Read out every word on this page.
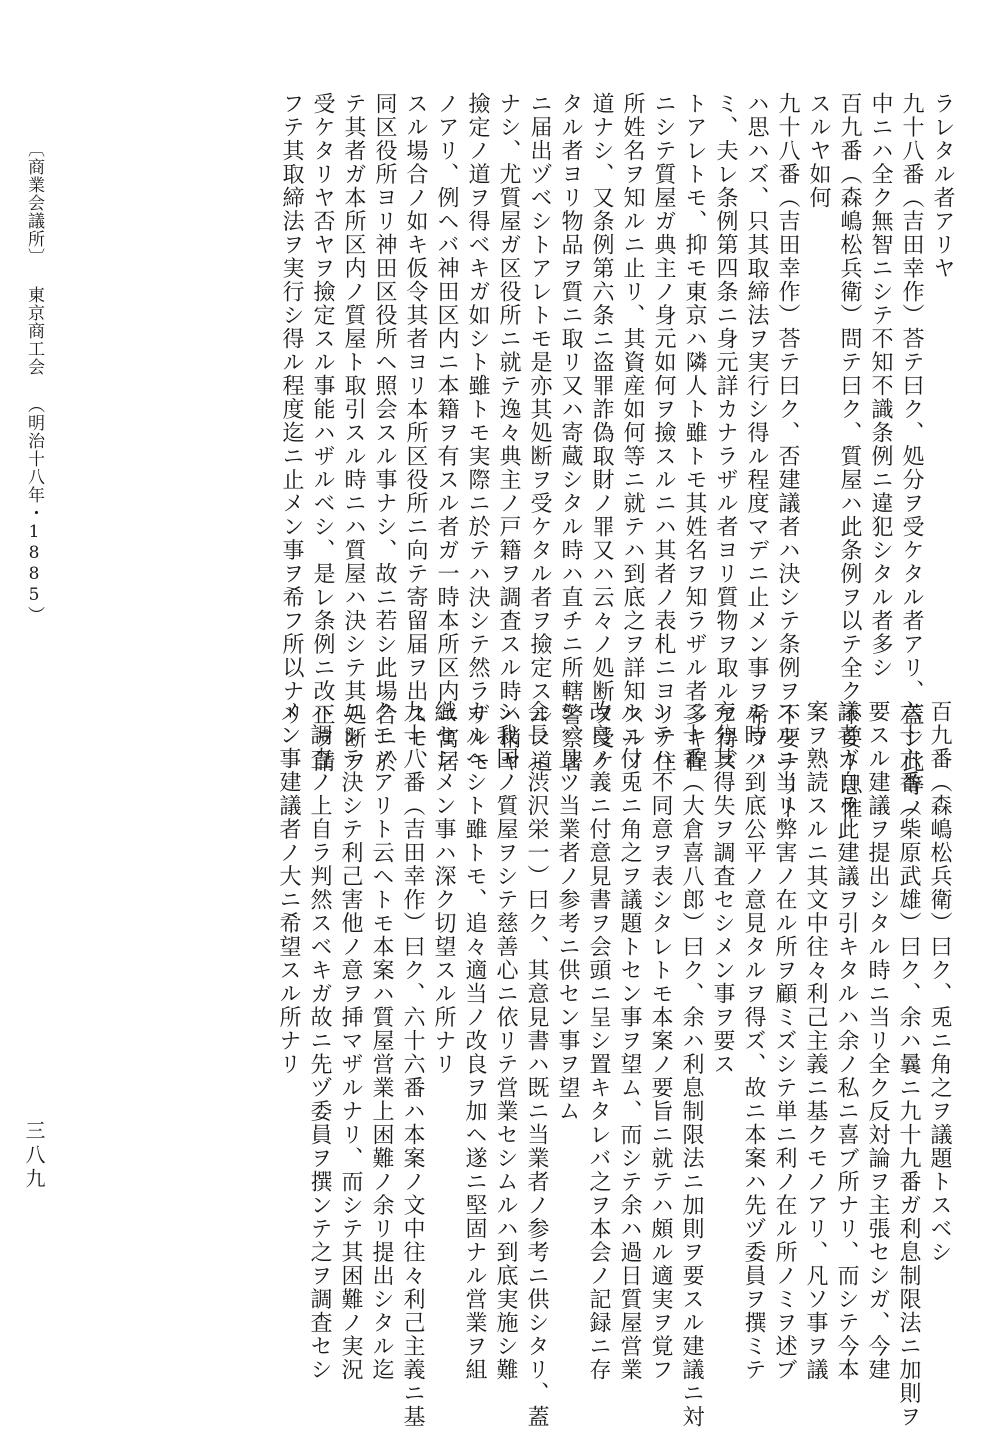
ラレタル者アリヤ
九十八番（吉田幸作）荅テ曰ク、処分ヲ受ケタル者アリ、蓋シ此等ノ
中ニハ全ク無智ニシテ不知不識条例ニ違犯シタル者多シ
百九番（森嶋松兵衛）問テ曰ク、質屋ハ此条例ヲ以テ全ク不要ト思惟
スルヤ如何
九十八番（吉田幸作）荅テ曰ク、否建議者ハ決シテ条例ヲ不要ナリト
ハ思ハズ、只其取締法ヲ実行シ得ル程度マデニ止メン事ヲ希フノ
ミ、夫レ条例第四条ニ身元詳カナラザル者ヨリ質物ヲ取ルヲ得ズ
トアレトモ、抑モ東京ハ隣人ト雖トモ其姓名ヲ知ラザル者多キ程
ニシテ質屋ガ典主ノ身元如何ヲ撿スルニハ其者ノ表札ニヨリテ住
所姓名ヲ知ルニ止リ、其資産如何等ニ就テハ到底之ヲ詳知スルノ
道ナシ、又条例第六条ニ盗罪詐偽取財ノ罪又ハ云々ノ処断ヲ受ケ
タル者ヨリ物品ヲ質ニ取リ又ハ寄蔵シタル時ハ直チニ所轄警察署
ニ届出ヅベシトアレトモ是亦其処断ヲ受ケタル者ヲ撿定スルノ道
ナシ、尤質屋ガ区役所ニ就テ逸々典主ノ戸籍ヲ調査スル時ハ稍ヤ
撿定ノ道ヲ得ベキガ如シト雖トモ実際ニ於テハ決シテ然ラザルモ
ノアリ、例ヘバ神田区内ニ本籍ヲ有スル者ガ一時本所区内ニ寓居
スル場合ノ如キ仮令其者ヨリ本所区役所ニ向テ寄留届ヲ出スモ、
同区役所ヨリ神田区役所ヘ照会スル事ナシ、故ニ若シ此場合ニ於
テ其者ガ本所区内ノ質屋ト取引スル時ニハ質屋ハ決シテ其処断ヲ
受ケタリヤ否ヤヲ撿定スル事能ハザルベシ、是レ条例ニ改正ヲ請
フテ其取締法ヲ実行シ得ル程度迄ニ止メン事ヲ希フ所以ナリ
百九番（森嶋松兵衛）曰ク、兎ニ角之ヲ議題トスベシ
六十六番（柴原武雄）曰ク、余ハ曩ニ九十九番ガ利息制限法ニ加則ヲ
要スル建議ヲ提出シタル時ニ当リ全ク反対論ヲ主張セシガ、今建
議者ガ自ラ此建議ヲ引キタルハ余ノ私ニ喜ブ所ナリ、而シテ今本
案ヲ熟読スルニ其文中往々利己主義ニ基クモノアリ、凡ソ事ヲ議
スルニ当リ弊害ノ在ル所ヲ顧ミズシテ単ニ利ノ在ル所ノミヲ述ブ
ル時ハ到底公平ノ意見タルヲ得ズ、故ニ本案ハ先ヅ委員ヲ撰ミテ
充分其得失ヲ調査セシメン事ヲ要ス
二十番（大倉喜八郎）曰ク、余ハ利息制限法ニ加則ヲ要スル建議ニ対
シテハ不同意ヲ表シタレトモ本案ノ要旨ニ就テハ頗ル適実ヲ覚フ
ルニ付兎ニ角之ヲ議題トセン事ヲ望ム、而シテ余ハ過日質屋営業
改良ノ義ニ付意見書ヲ会頭ニ呈シ置キタレバ之ヲ本会ノ記録ニ存
シ、且ツ当業者ノ参考ニ供セン事ヲ望ム
会長（渋沢栄一）曰ク、其意見書ハ既ニ当業者ノ参考ニ供シタリ、蓋
シ我国ノ質屋ヲシテ慈善心ニ依リテ営業セシムルハ到底実施シ難
カルヘシト雖トモ、追々適当ノ改良ヲ加ヘ遂ニ堅固ナル営業ヲ組
織セシメン事ハ深ク切望スル所ナリ
九十八番（吉田幸作）曰ク、六十六番ハ本案ノ文中往々利己主義ニ基
クモノアリト云ヘトモ本案ハ質屋営業上困難ノ余リ提出シタル迄
ニシテ決シテ利己害他ノ意ヲ挿マザルナリ、而シテ其困難ノ実況
ハ調査ノ上自ラ判然スベキガ故ニ先ヅ委員ヲ撰ンテ之ヲ調査セシ
メン事建議者ノ大ニ希望スル所ナリ
〔商業会議所〕東京商工会（明治十八年・1885）
三八九
